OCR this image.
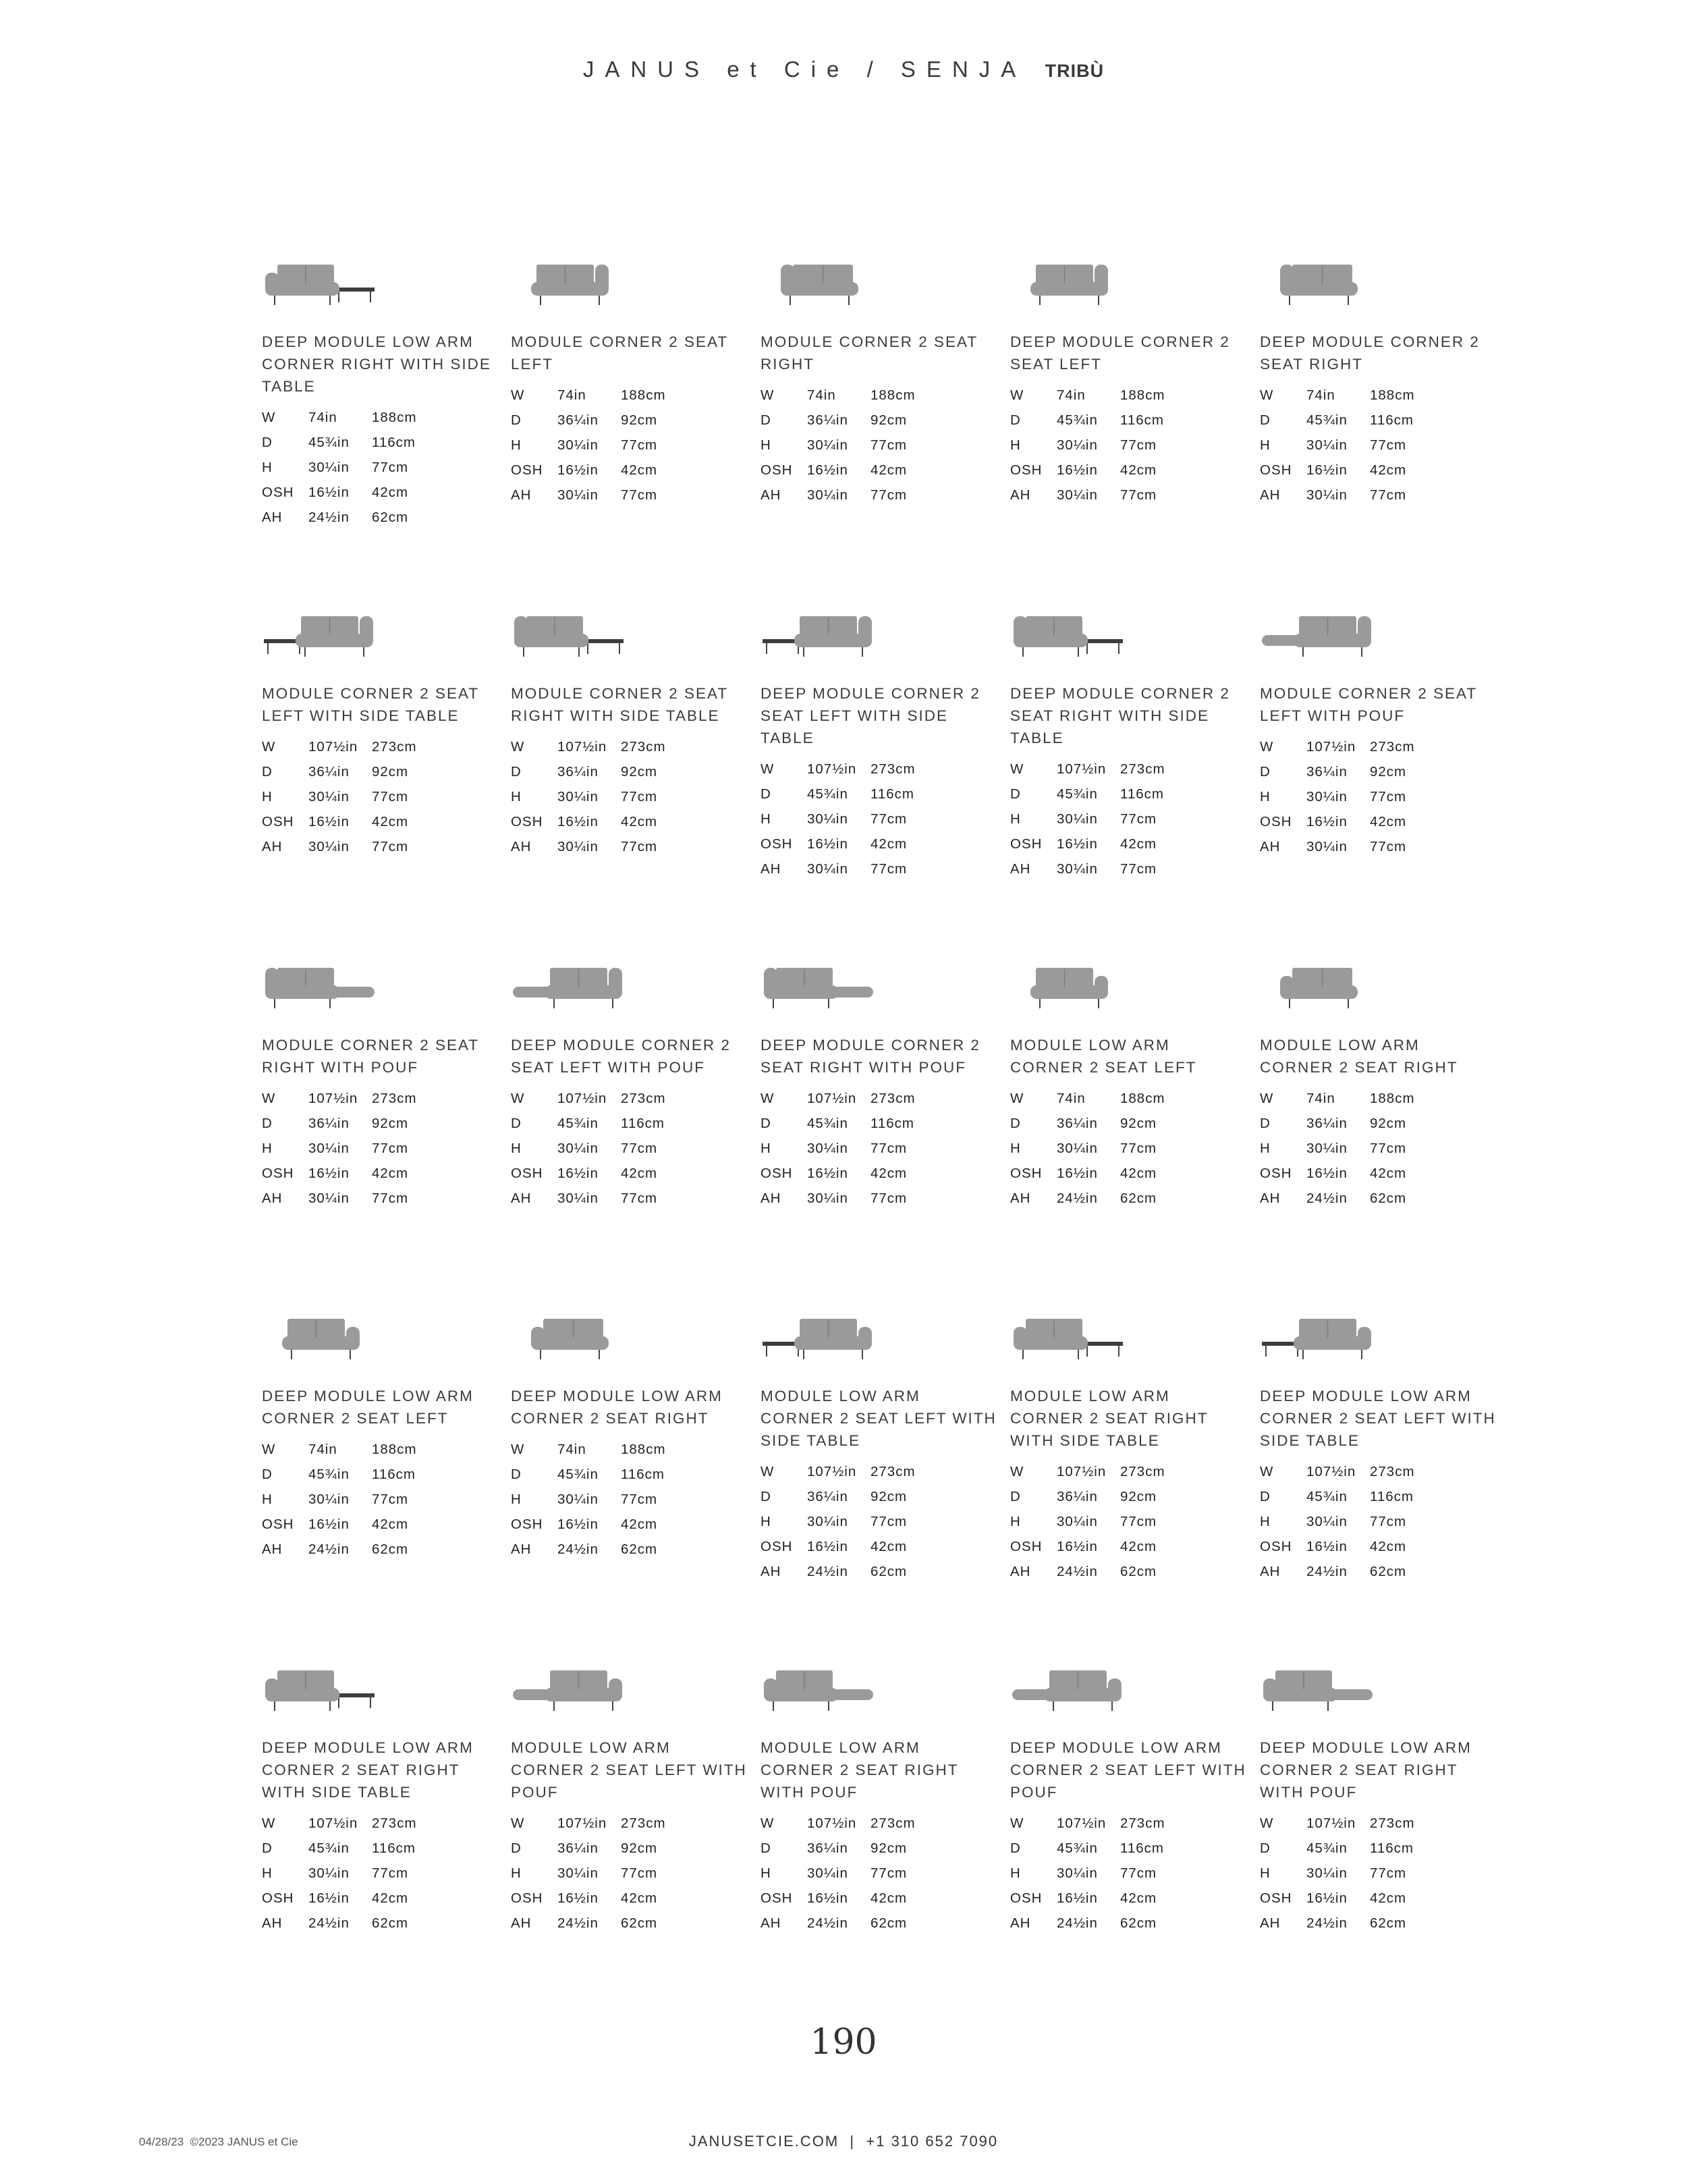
JANUS et Cie / SENJA TRIBÙ
DEEP MODULE LOW ARM CORNER RIGHT WITH SIDE TABLE
W	74in	188cm
D	45¾in	116cm
H	30¼in	77cm
OSH	16½in	42cm
AH	24½in	62cm
MODULE CORNER 2 SEAT LEFT
W	74in	188cm
D	36¼in	92cm
H	30¼in	77cm
OSH	16½in	42cm
AH	30¼in	77cm
MODULE CORNER 2 SEAT RIGHT
W	74in	188cm
D	36¼in	92cm
H	30¼in	77cm
OSH	16½in	42cm
AH	30¼in	77cm
DEEP MODULE CORNER 2 SEAT LEFT
W	74in	188cm
D	45¾in	116cm
H	30¼in	77cm
OSH	16½in	42cm
AH	30¼in	77cm
DEEP MODULE CORNER 2 SEAT RIGHT
W	74in	188cm
D	45¾in	116cm
H	30¼in	77cm
OSH	16½in	42cm
AH	30¼in	77cm
MODULE CORNER 2 SEAT LEFT WITH SIDE TABLE
W	107½in	273cm
D	36¼in	92cm
H	30¼in	77cm
OSH	16½in	42cm
AH	30¼in	77cm
MODULE CORNER 2 SEAT RIGHT WITH SIDE TABLE
W	107½in	273cm
D	36¼in	92cm
H	30¼in	77cm
OSH	16½in	42cm
AH	30¼in	77cm
DEEP MODULE CORNER 2 SEAT LEFT WITH SIDE TABLE
W	107½in	273cm
D	45¾in	116cm
H	30¼in	77cm
OSH	16½in	42cm
AH	30¼in	77cm
DEEP MODULE CORNER 2 SEAT RIGHT WITH SIDE TABLE
W	107½in	273cm
D	45¾in	116cm
H	30¼in	77cm
OSH	16½in	42cm
AH	30¼in	77cm
MODULE CORNER 2 SEAT LEFT WITH POUF
W	107½in	273cm
D	36¼in	92cm
H	30¼in	77cm
OSH	16½in	42cm
AH	30¼in	77cm
MODULE CORNER 2 SEAT RIGHT WITH POUF
W	107½in	273cm
D	36¼in	92cm
H	30¼in	77cm
OSH	16½in	42cm
AH	30¼in	77cm
DEEP MODULE CORNER 2 SEAT LEFT WITH POUF
W	107½in	273cm
D	45¾in	116cm
H	30¼in	77cm
OSH	16½in	42cm
AH	30¼in	77cm
DEEP MODULE CORNER 2 SEAT RIGHT WITH POUF
W	107½in	273cm
D	45¾in	116cm
H	30¼in	77cm
OSH	16½in	42cm
AH	30¼in	77cm
MODULE LOW ARM CORNER 2 SEAT LEFT
W	74in	188cm
D	36¼in	92cm
H	30¼in	77cm
OSH	16½in	42cm
AH	24½in	62cm
MODULE LOW ARM CORNER 2 SEAT RIGHT
W	74in	188cm
D	36¼in	92cm
H	30¼in	77cm
OSH	16½in	42cm
AH	24½in	62cm
DEEP MODULE LOW ARM CORNER 2 SEAT LEFT
W	74in	188cm
D	45¾in	116cm
H	30¼in	77cm
OSH	16½in	42cm
AH	24½in	62cm
DEEP MODULE LOW ARM CORNER 2 SEAT RIGHT
W	74in	188cm
D	45¾in	116cm
H	30¼in	77cm
OSH	16½in	42cm
AH	24½in	62cm
MODULE LOW ARM CORNER 2 SEAT LEFT WITH SIDE TABLE
W	107½in	273cm
D	36¼in	92cm
H	30¼in	77cm
OSH	16½in	42cm
AH	24½in	62cm
MODULE LOW ARM CORNER 2 SEAT RIGHT WITH SIDE TABLE
W	107½in	273cm
D	36¼in	92cm
H	30¼in	77cm
OSH	16½in	42cm
AH	24½in	62cm
DEEP MODULE LOW ARM CORNER 2 SEAT LEFT WITH SIDE TABLE
W	107½in	273cm
D	45¾in	116cm
H	30¼in	77cm
OSH	16½in	42cm
AH	24½in	62cm
DEEP MODULE LOW ARM CORNER 2 SEAT RIGHT WITH SIDE TABLE
W	107½in	273cm
D	45¾in	116cm
H	30¼in	77cm
OSH	16½in	42cm
AH	24½in	62cm
MODULE LOW ARM CORNER 2 SEAT LEFT WITH POUF
W	107½in	273cm
D	36¼in	92cm
H	30¼in	77cm
OSH	16½in	42cm
AH	24½in	62cm
MODULE LOW ARM CORNER 2 SEAT RIGHT WITH POUF
W	107½in	273cm
D	36¼in	92cm
H	30¼in	77cm
OSH	16½in	42cm
AH	24½in	62cm
DEEP MODULE LOW ARM CORNER 2 SEAT LEFT WITH POUF
W	107½in	273cm
D	45¾in	116cm
H	30¼in	77cm
OSH	16½in	42cm
AH	24½in	62cm
DEEP MODULE LOW ARM CORNER 2 SEAT RIGHT WITH POUF
W	107½in	273cm
D	45¾in	116cm
H	30¼in	77cm
OSH	16½in	42cm
AH	24½in	62cm
190
04/28/23 ©2023 JANUS et Cie	JANUSETCIE.COM | +1 310 652 7090
